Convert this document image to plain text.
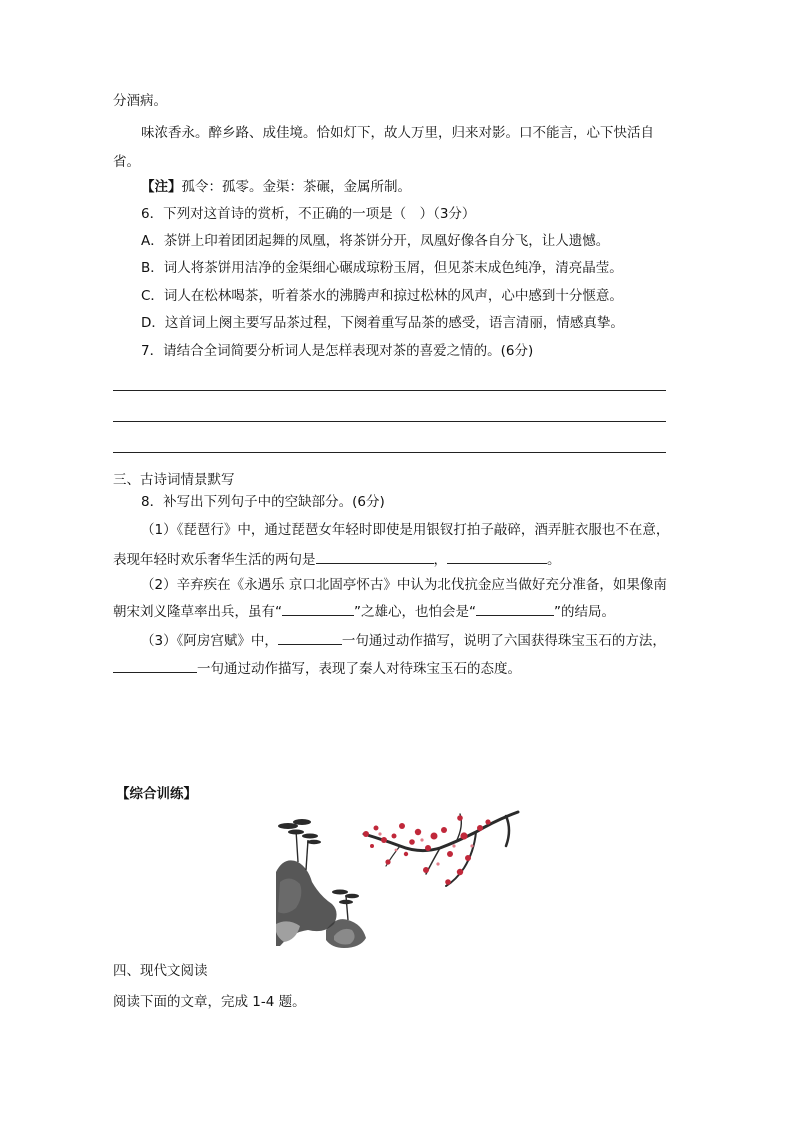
分酒病。
味浓香永。醉乡路、成佳境。恰如灯下，故人万里，归来对影。口不能言，心下快活自
省。
【注】孤令：孤零。金渠：茶碾，金属所制。
6．下列对这首诗的赏析，不正确的一项是（　）（3分）
A．茶饼上印着团团起舞的凤凰，将茶饼分开，凤凰好像各自分飞，让人遗憾。
B．词人将茶饼用洁净的金渠细心碾成琼粉玉屑，但见茶末成色纯净，清亮晶莹。
C．词人在松林喝茶，听着茶水的沸腾声和掠过松林的风声，心中感到十分惬意。
D．这首词上阕主要写品茶过程，下阕着重写品茶的感受，语言清丽，情感真挚。
7．请结合全词简要分析词人是怎样表现对茶的喜爱之情的。(6分)
三、古诗词情景默写
8．补写出下列句子中的空缺部分。(6分)
（1）《琵琶行》中，通过琵琶女年轻时即使是用银钗打拍子敲碎，酒弄脏衣服也不在意，
表现年轻时欢乐奢华生活的两句是	，	。
（2）辛弃疾在《永遇乐 京口北固亭怀古》中认为北伐抗金应当做好充分准备，如果像南
朝宋刘义隆草率出兵，虽有“	”之雄心，也怕会是“	”的结局。
（3）《阿房宫赋》中，	一句通过动作描写，说明了六国获得珠宝玉石的方法，
一句通过动作描写，表现了秦人对待珠宝玉石的态度。
【综合训练】
四、现代文阅读
阅读下面的文章，完成 1-4 题。
